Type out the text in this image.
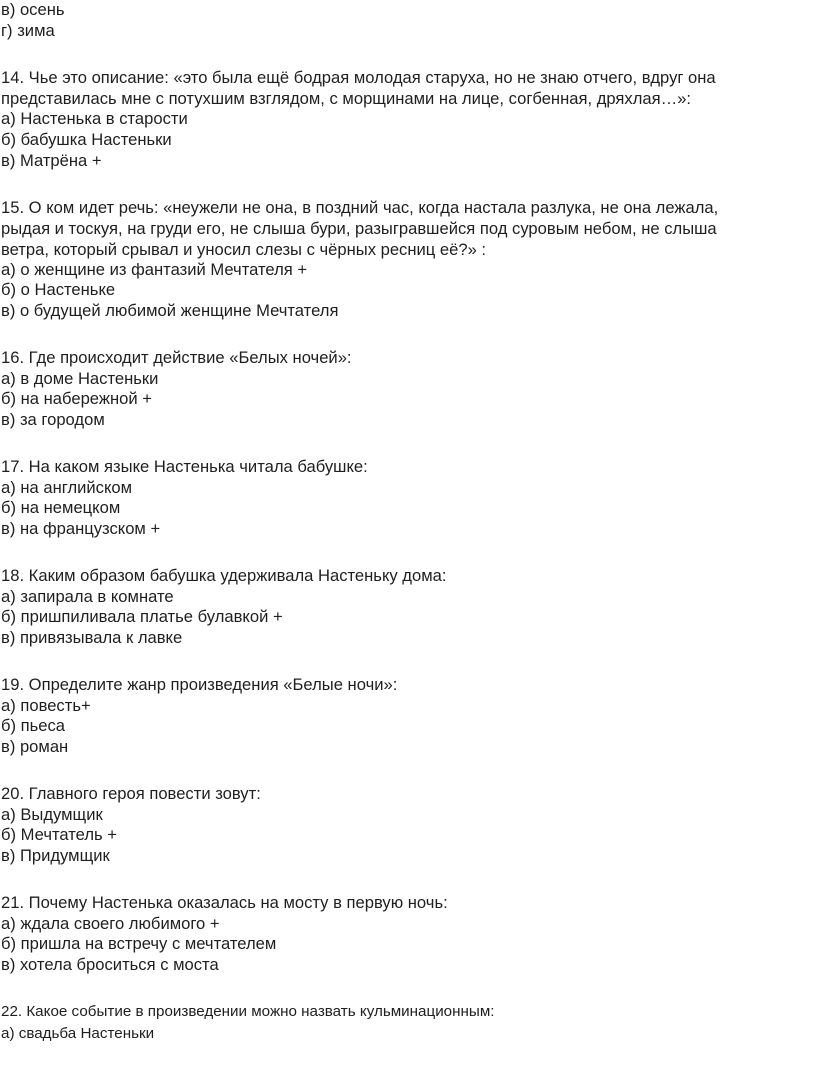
в) осень
г) зима
14. Чье это описание: «это была ещё бодрая молодая старуха, но не знаю отчего, вдруг она
представилась мне с потухшим взглядом, с морщинами на лице, согбенная, дряхлая…»:
а) Настенька в старости
б) бабушка Настеньки
в) Матрёна +
15. О ком идет речь: «неужели не она, в поздний час, когда настала разлука, не она лежала,
рыдая и тоскуя, на груди его, не слыша бури, разыгравшейся под суровым небом, не слыша
ветра, который срывал и уносил слезы с чёрных ресниц её?» :
а) о женщине из фантазий Мечтателя +
б) о Настеньке
в) о будущей любимой женщине Мечтателя
16. Где происходит действие «Белых ночей»:
а) в доме Настеньки
б) на набережной +
в) за городом
17. На каком языке Настенька читала бабушке:
а) на английском
б) на немецком
в) на французском +
18. Каким образом бабушка удерживала Настеньку дома:
а) запирала в комнате
б) пришпиливала платье булавкой +
в) привязывала к лавке
19. Определите жанр произведения «Белые ночи»:
а) повесть+
б) пьеса
в) роман
20. Главного героя повести зовут:
а) Выдумщик
б) Мечтатель +
в) Придумщик
21. Почему Настенька оказалась на мосту в первую ночь:
а) ждала своего любимого +
б) пришла на встречу с мечтателем
в) хотела броситься с моста
22. Какое событие в произведении можно назвать кульминационным:
а) свадьба Настеньки
